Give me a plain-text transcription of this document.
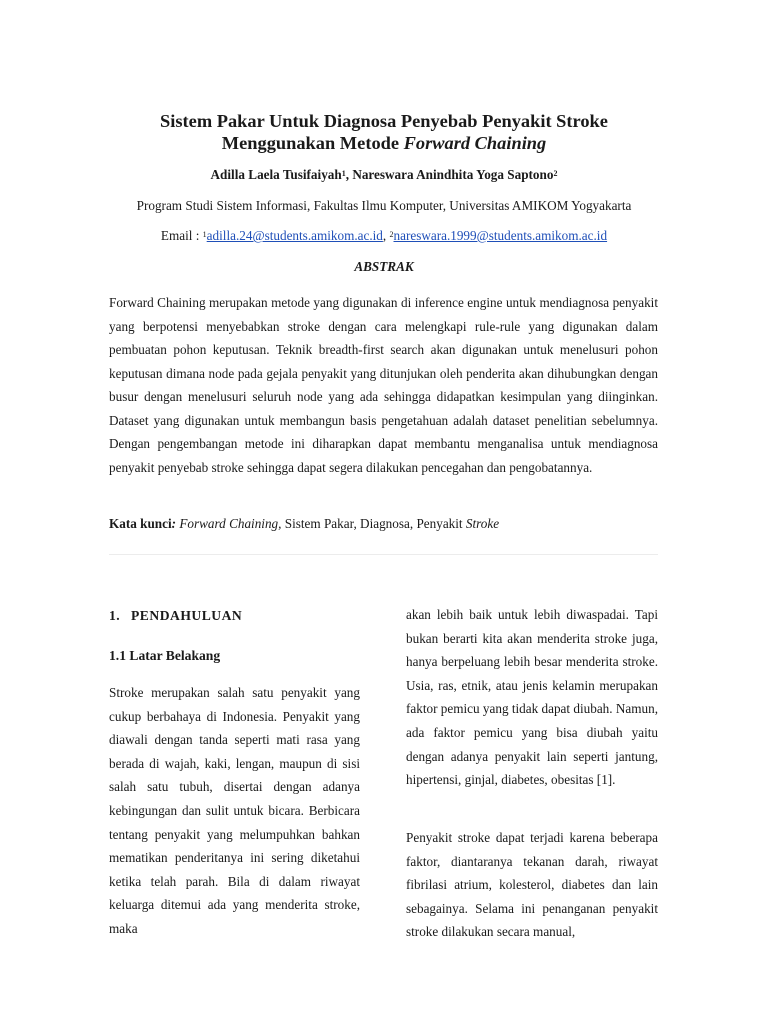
Sistem Pakar Untuk Diagnosa Penyebab Penyakit Stroke
Menggunakan Metode Forward Chaining

Adilla Laela Tusifaiyah$^1$, Nareswara Anindhita Yoga Saptono$^2$

Program Studi Sistem Informasi, Fakultas Ilmu Komputer, Universitas AMIKOM Yogyakarta

Email : $^1$adilla.24@students.amikom.ac.id, $^2$nareswara.1999@students.amikom.ac.id

ABSTRAK

Forward Chaining merupakan metode yang digunakan di inference engine untuk mendiagnosa penyakit yang berpotensi menyebabkan stroke dengan cara melengkapi rule-rule yang digunakan dalam pembuatan pohon keputusan. Teknik breadth-first search akan digunakan untuk menelusuri pohon keputusan dimana node pada gejala penyakit yang ditunjukan oleh penderita akan dihubungkan dengan busur dengan menelusuri seluruh node yang ada sehingga didapatkan kesimpulan yang diinginkan. Dataset yang digunakan untuk membangun basis pengetahuan adalah dataset penelitian sebelumnya. Dengan pengembangan metode ini diharapkan dapat membantu menganalisa untuk mendiagnosa penyakit penyebab stroke sehingga dapat segera dilakukan pencegahan dan pengobatannya.

Kata kunci: Forward Chaining, Sistem Pakar, Diagnosa, Penyakit Stroke

1. PENDAHULUAN
1.1 Latar Belakang

Stroke merupakan salah satu penyakit yang cukup berbahaya di Indonesia. Penyakit yang diawali dengan tanda seperti mati rasa yang berada di wajah, kaki, lengan, maupun di sisi salah satu tubuh, disertai dengan adanya kebingungan dan sulit untuk bicara. Berbicara tentang penyakit yang melumpuhkan bahkan mematikan penderitanya ini sering diketahui ketika telah parah. Bila di dalam riwayat keluarga ditemui ada yang menderita stroke, maka

akan lebih baik untuk lebih diwaspadai. Tapi bukan berarti kita akan menderita stroke juga, hanya berpeluang lebih besar menderita stroke. Usia, ras, etnik, atau jenis kelamin merupakan faktor pemicu yang tidak dapat diubah. Namun, ada faktor pemicu yang bisa diubah yaitu dengan adanya penyakit lain seperti jantung, hipertensi, ginjal, diabetes, obesitas [1].

Penyakit stroke dapat terjadi karena beberapa faktor, diantaranya tekanan darah, riwayat fibrilasi atrium, kolesterol, diabetes dan lain sebagainya. Selama ini penanganan penyakit stroke dilakukan secara manual,
